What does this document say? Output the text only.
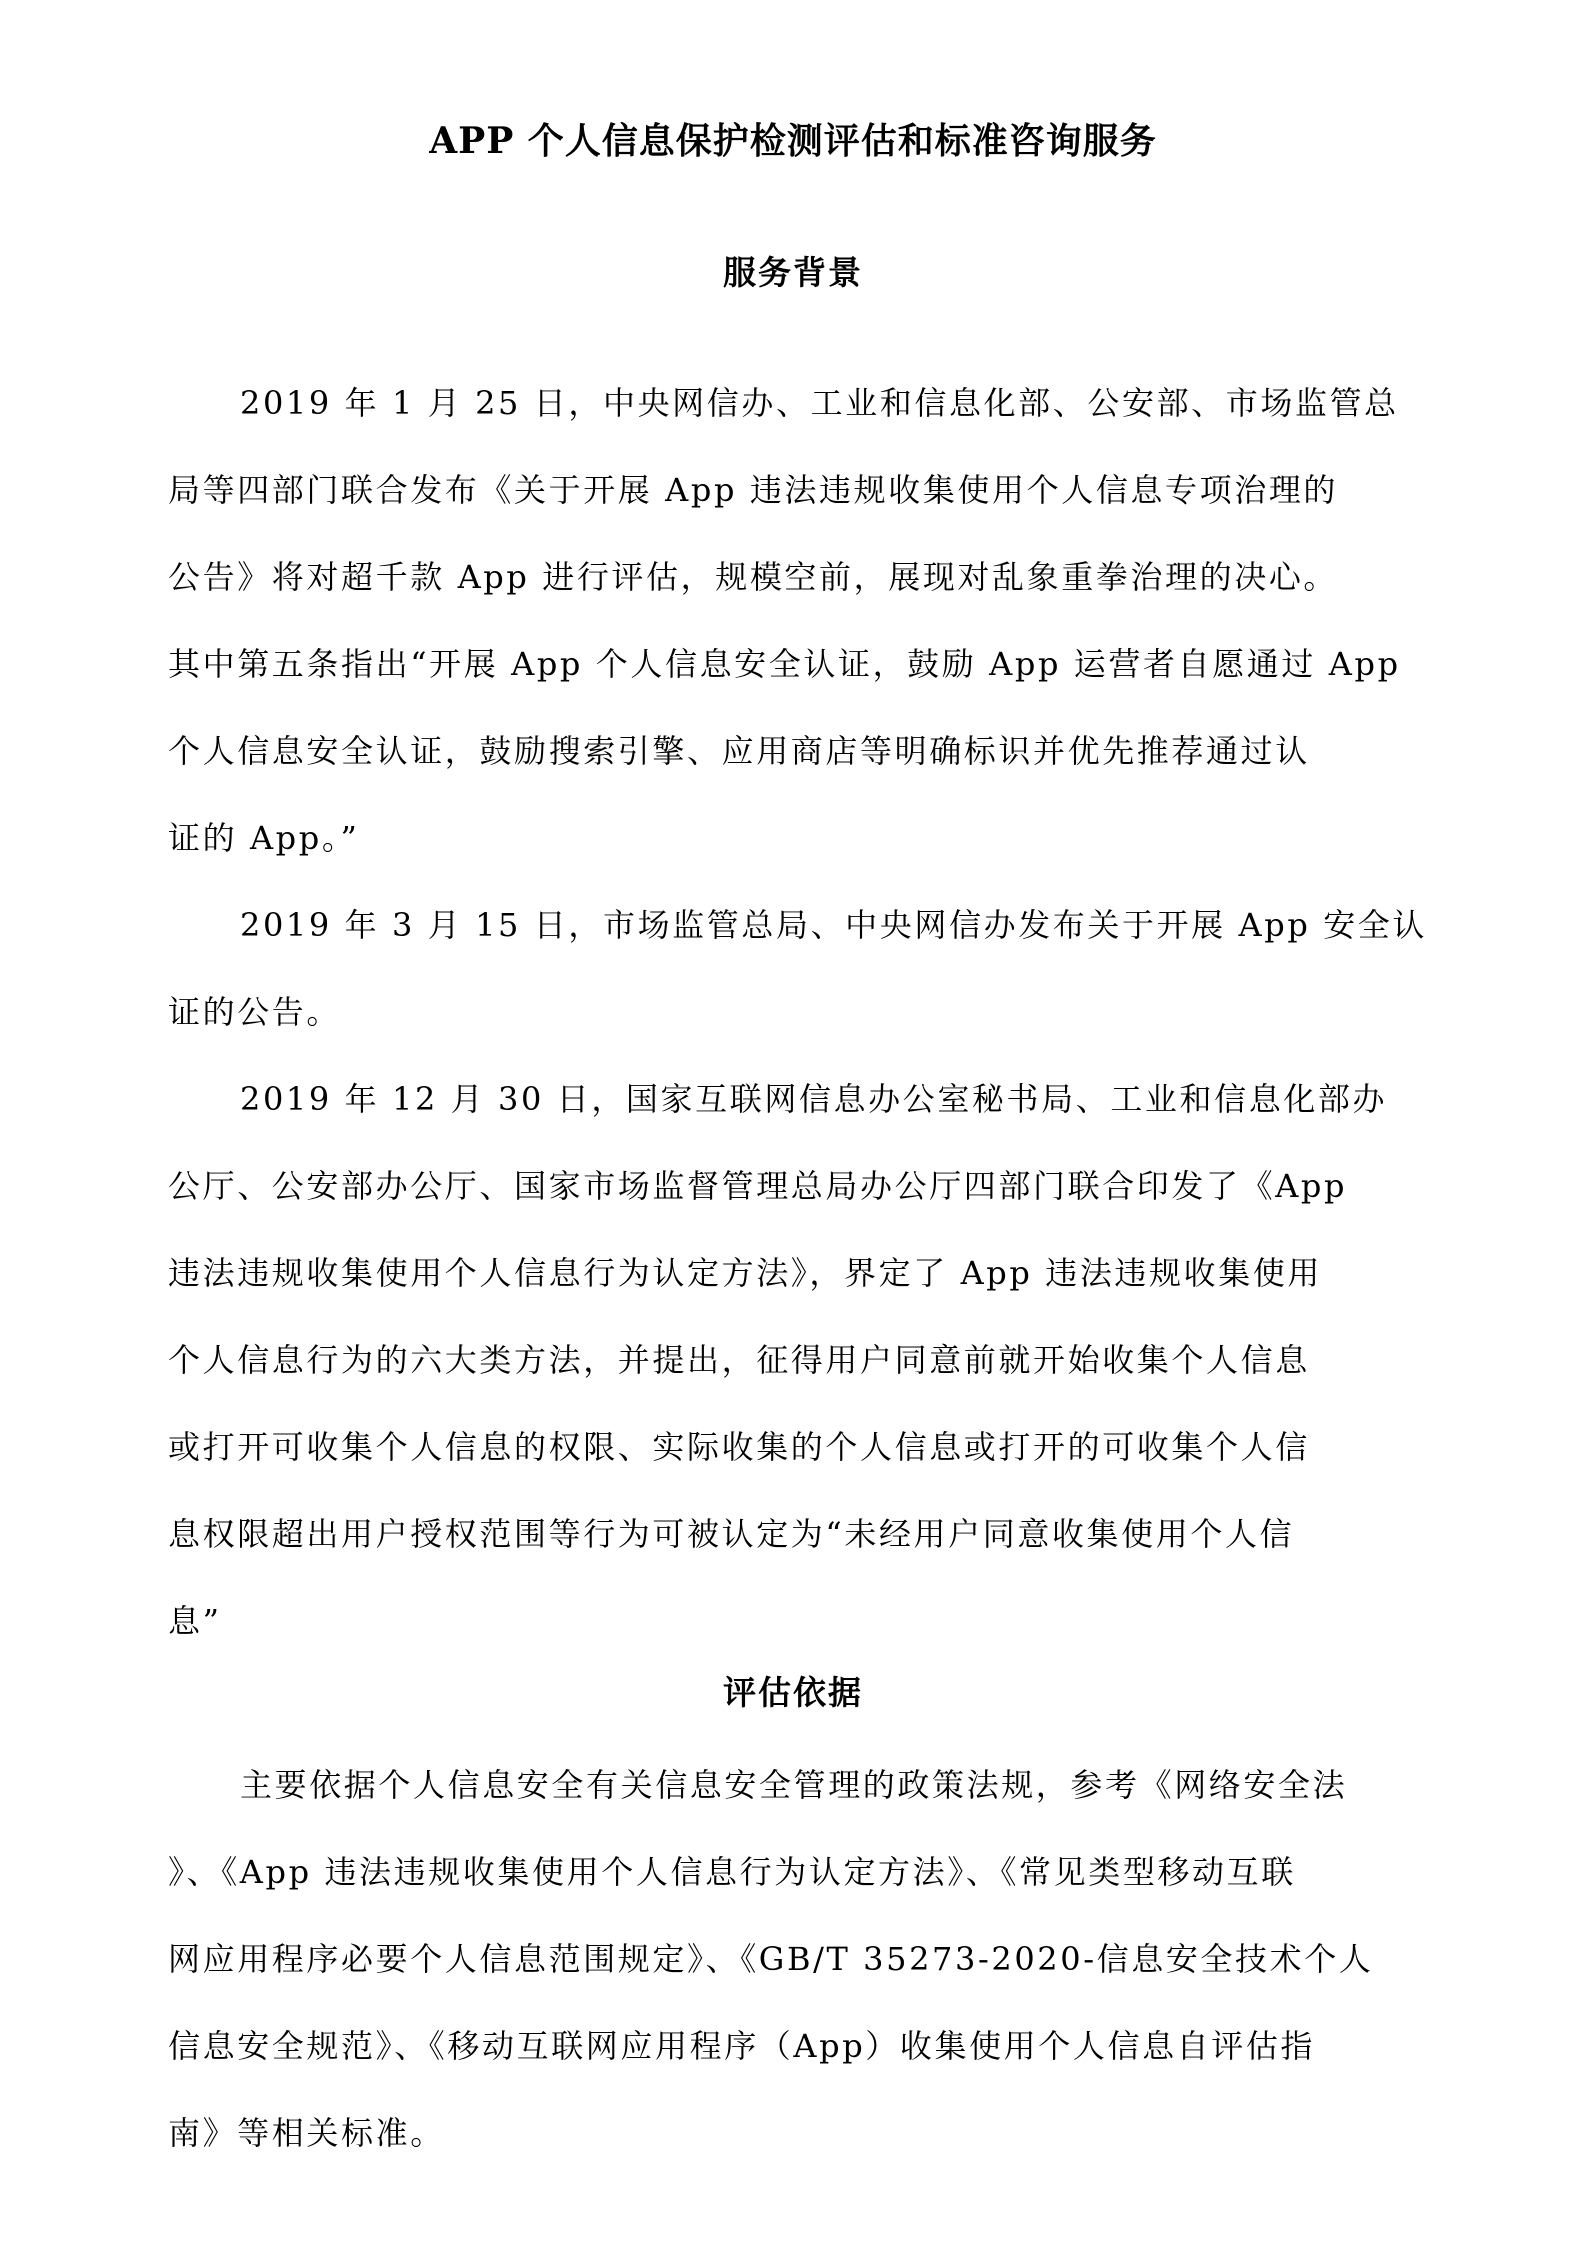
APP 个人信息保护检测评估和标准咨询服务
服务背景
2019 年 1 月 25 日，中央网信办、工业和信息化部、公安部、市场监管总
局等四部门联合发布《关于开展 App 违法违规收集使用个人信息专项治理的
公告》将对超千款 App 进行评估，规模空前，展现对乱象重拳治理的决心。
其中第五条指出“开展 App 个人信息安全认证，鼓励 App 运营者自愿通过 App
个人信息安全认证，鼓励搜索引擎、应用商店等明确标识并优先推荐通过认
证的 App。”
2019 年 3 月 15 日，市场监管总局、中央网信办发布关于开展 App 安全认
证的公告。
2019 年 12 月 30 日，国家互联网信息办公室秘书局、工业和信息化部办
公厅、公安部办公厅、国家市场监督管理总局办公厅四部门联合印发了《App
违法违规收集使用个人信息行为认定方法》，界定了 App 违法违规收集使用
个人信息行为的六大类方法，并提出，征得用户同意前就开始收集个人信息
或打开可收集个人信息的权限、实际收集的个人信息或打开的可收集个人信
息权限超出用户授权范围等行为可被认定为“未经用户同意收集使用个人信
息”
评估依据
主要依据个人信息安全有关信息安全管理的政策法规，参考《网络安全法
》、《App 违法违规收集使用个人信息行为认定方法》、《常见类型移动互联
网应用程序必要个人信息范围规定》、《GB/T 35273-2020-信息安全技术个人
信息安全规范》、《移动互联网应用程序（App）收集使用个人信息自评估指
南》等相关标准。
